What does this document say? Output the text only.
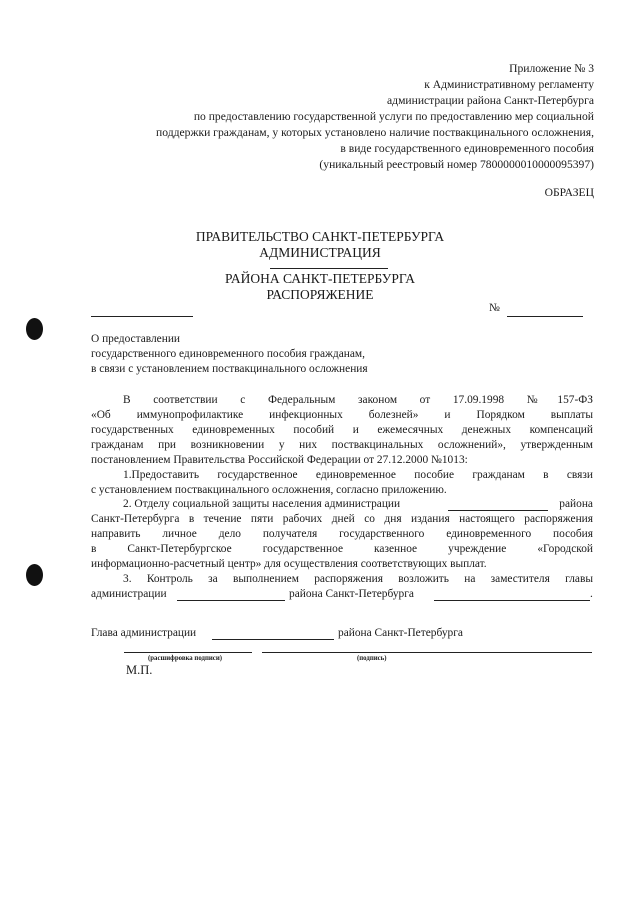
Приложение № 3
к Административному регламенту
администрации района Санкт-Петербурга
по предоставлению государственной услуги по предоставлению мер социальной
поддержки гражданам, у которых установлено наличие поствакцинального осложнения,
в виде государственного единовременного пособия
(уникальный реестровый номер 7800000010000095397)
ОБРАЗЕЦ
ПРАВИТЕЛЬСТВО САНКТ-ПЕТЕРБУРГА
АДМИНИСТРАЦИЯ
РАЙОНА САНКТ-ПЕТЕРБУРГА
РАСПОРЯЖЕНИЕ
№
О предоставлении
государственного единовременного пособия гражданам,
в связи с установлением поствакцинального осложнения
В соответствии с Федеральным законом от 17.09.1998 №157-ФЗ
«Об иммунопрофилактике инфекционных болезней» и Порядком выплаты
государственных единовременных пособий и ежемесячных денежных компенсаций
гражданам при возникновении у них поствакцинальных осложнений», утвержденным
постановлением Правительства Российской Федерации от 27.12.2000 №1013:
1.Предоставить государственное единовременное пособие гражданам в связи
с установлением поствакцинального осложнения, согласно приложению.
2. Отделу социальной защиты населения администрации	района
Санкт-Петербурга в течение пяти рабочих дней со дня издания настоящего распоряжения
направить личное дело получателя государственного единовременного пособия
в Санкт-Петербургское государственное казенное учреждение «Городской
информационно-расчетный центр» для осуществления соответствующих выплат.
3. Контроль за выполнением распоряжения возложить на заместителя главы
администрации	района Санкт-Петербурга	.
Глава администрации	района Санкт-Петербурга
(расшифровка подписи)	(подпись)
М.П.
